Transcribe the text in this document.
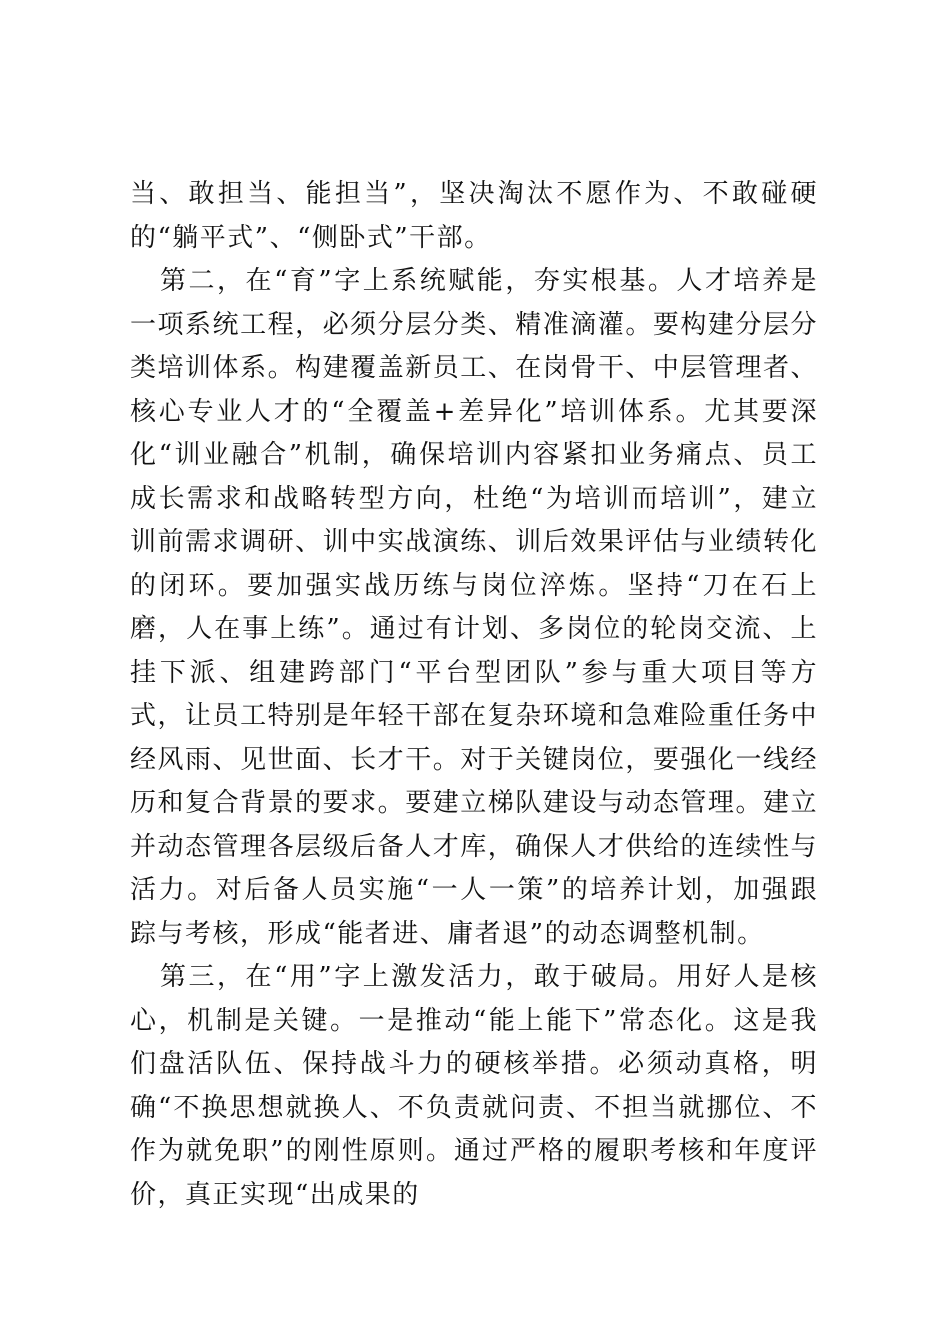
当、敢担当、能担当”，坚决淘汰不愿作为、不敢碰硬的“躺平式”、“侧卧式”干部。

第二，在“育”字上系统赋能，夯实根基。人才培养是一项系统工程，必须分层分类、精准滴灌。要构建分层分类培训体系。构建覆盖新员工、在岗骨干、中层管理者、核心专业人才的“全覆盖+差异化”培训体系。尤其要深化“训业融合”机制，确保培训内容紧扣业务痛点、员工成长需求和战略转型方向，杜绝“为培训而培训”，建立训前需求调研、训中实战演练、训后效果评估与业绩转化的闭环。要加强实战历练与岗位淬炼。坚持“刀在石上磨，人在事上练”。通过有计划、多岗位的轮岗交流、上挂下派、组建跨部门“平台型团队”参与重大项目等方式，让员工特别是年轻干部在复杂环境和急难险重任务中经风雨、见世面、长才干。对于关键岗位，要强化一线经历和复合背景的要求。要建立梯队建设与动态管理。建立并动态管理各层级后备人才库，确保人才供给的连续性与活力。对后备人员实施“一人一策”的培养计划，加强跟踪与考核，形成“能者进、庸者退”的动态调整机制。

第三，在“用”字上激发活力，敢于破局。用好人是核心，机制是关键。一是推动“能上能下”常态化。这是我们盘活队伍、保持战斗力的硬核举措。必须动真格，明确“不换思想就换人、不负责就问责、不担当就挪位、不作为就免职”的刚性原则。通过严格的履职考核和年度评价，真正实现“出成果的
